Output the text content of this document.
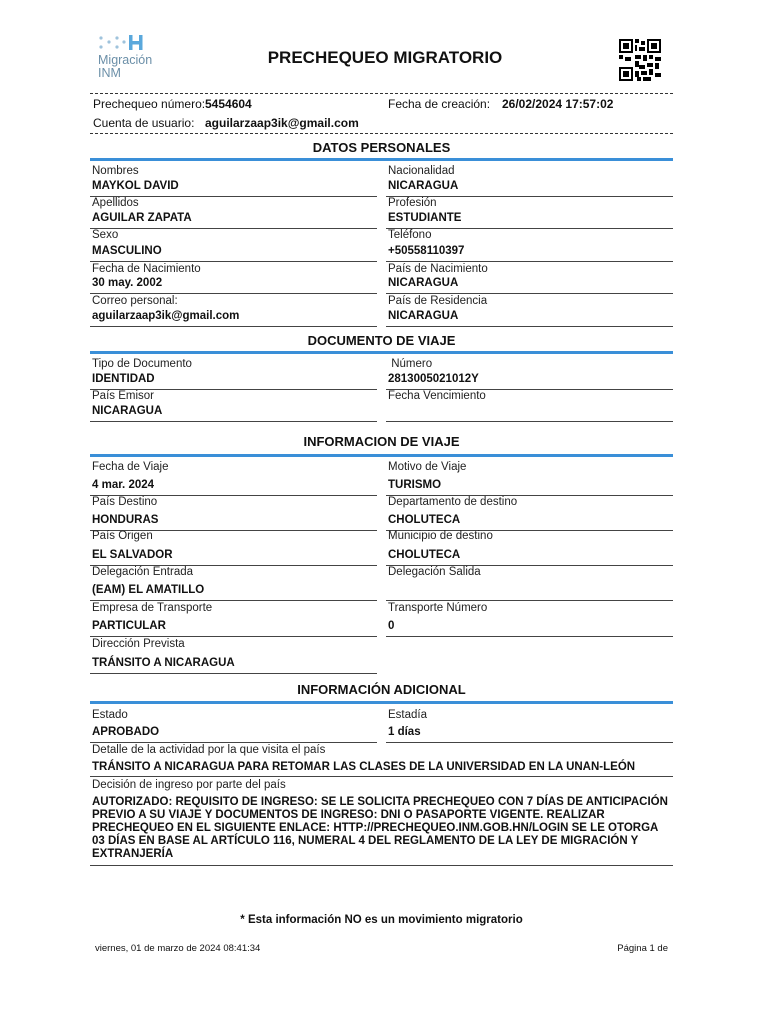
Migración
INM
PRECHEQUEO MIGRATORIO
Prechequeo número: 5454604	Fecha de creación: 26/02/2024 17:57:02
Cuenta de usuario: aguilarzaap3ik@gmail.com
DATOS PERSONALES
Nombres
MAYKOL DAVID
Nacionalidad
NICARAGUA
Apellidos
AGUILAR ZAPATA
Profesión
ESTUDIANTE
Sexo
MASCULINO
Teléfono
+50558110397
Fecha de Nacimiento
30 may. 2002
País de Nacimiento
NICARAGUA
Correo personal:
aguilarzaap3ik@gmail.com
País de Residencia
NICARAGUA
DOCUMENTO DE VIAJE
Tipo de Documento
IDENTIDAD
Número
2813005021012Y
País Emisor
NICARAGUA
Fecha Vencimiento
INFORMACION DE VIAJE
Fecha de Viaje
4 mar. 2024
Motivo de Viaje
TURISMO
País Destino
HONDURAS
Departamento de destino
CHOLUTECA
País Origen
EL SALVADOR
Municipio de destino
CHOLUTECA
Delegación Entrada
(EAM) EL AMATILLO
Delegación Salida
Empresa de Transporte
PARTICULAR
Transporte Número
0
Dirección Prevista
TRÁNSITO A NICARAGUA
INFORMACIÓN ADICIONAL
Estado
APROBADO
Estadía
1 días
Detalle de la actividad por la que visita el país
TRÁNSITO A NICARAGUA PARA RETOMAR LAS CLASES DE LA UNIVERSIDAD EN LA UNAN-LEÓN
Decisión de ingreso por parte del país
AUTORIZADO: REQUISITO DE INGRESO: SE LE SOLICITA PRECHEQUEO CON 7 DÍAS DE ANTICIPACIÓN PREVIO A SU VIAJE Y DOCUMENTOS DE INGRESO: DNI O PASAPORTE VIGENTE. REALIZAR PRECHEQUEO EN EL SIGUIENTE ENLACE: HTTP://PRECHEQUEO.INM.GOB.HN/LOGIN SE LE OTORGA 03 DÍAS EN BASE AL ARTÍCULO 116, NUMERAL 4 DEL REGLAMENTO DE LA LEY DE MIGRACIÓN Y EXTRANJERÍA
* Esta información NO es un movimiento migratorio
viernes, 01 de marzo de 2024 08:41:34	Página 1 de
